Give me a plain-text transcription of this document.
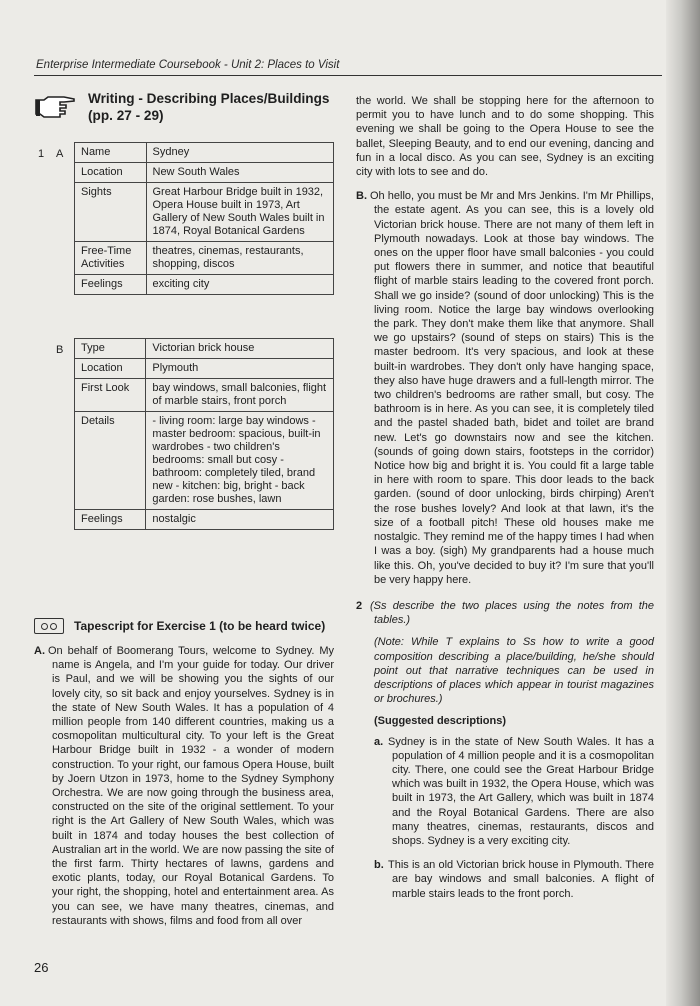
Enterprise Intermediate Coursebook - Unit 2: Places to Visit
Writing - Describing Places/Buildings
(pp. 27 - 29)
1 A Name	Sydney
Location	New South Wales
Sights	Great Harbour Bridge built in 1932, Opera House built in 1973, Art Gallery of New South Wales built in 1874, Royal Botanical Gardens
Free-Time Activities	theatres, cinemas, restaurants, shopping, discos
Feelings	exciting city
B Type	Victorian brick house
Location	Plymouth
First Look	bay windows, small balconies, flight of marble stairs, front porch
Details	- living room: large bay windows - master bedroom: spacious, built-in wardrobes - two children's bedrooms: small but cosy - bathroom: completely tiled, brand new - kitchen: big, bright - back garden: rose bushes, lawn
Feelings	nostalgic
Tapescript for Exercise 1 (to be heard twice)
A. On behalf of Boomerang Tours, welcome to Sydney. My name is Angela, and I'm your guide for today. Our driver is Paul, and we will be showing you the sights of our lovely city, so sit back and enjoy yourselves. Sydney is in the state of New South Wales. It has a population of 4 million people from 140 different countries, making us a cosmopolitan multicultural city. To your left is the Great Harbour Bridge built in 1932 - a wonder of modern construction. To your right, our famous Opera House, built by Joern Utzon in 1973, home to the Sydney Symphony Orchestra. We are now going through the business area, constructed on the site of the original settlement. To your right is the Art Gallery of New South Wales, which was built in 1874 and today houses the best collection of Australian art in the world. We are now passing the site of the first farm. Thirty hectares of lawns, gardens and exotic plants, today, our Royal Botanical Gardens. To your right, the shopping, hotel and entertainment area. As you can see, we have many theatres, cinemas, and restaurants with shows, films and food from all over
26
the world. We shall be stopping here for the afternoon to permit you to have lunch and to do some shopping. This evening we shall be going to the Opera House to see the ballet, Sleeping Beauty, and to end our evening, dancing and fun in a local disco. As you can see, Sydney is an exciting city with lots to see and do.
B. Oh hello, you must be Mr and Mrs Jenkins. I'm Mr Phillips, the estate agent. As you can see, this is a lovely old Victorian brick house. There are not many of them left in Plymouth nowadays. Look at those bay windows. The ones on the upper floor have small balconies - you could put flowers there in summer, and notice that beautiful flight of marble stairs leading to the covered front porch. Shall we go inside? (sound of door unlocking) This is the living room. Notice the large bay windows overlooking the park. They don't make them like that anymore. Shall we go upstairs? (sound of steps on stairs) This is the master bedroom. It's very spacious, and look at these built-in wardrobes. They don't only have hanging space, they also have huge drawers and a full-length mirror. The two children's bedrooms are rather small, but cosy. The bathroom is in here. As you can see, it is completely tiled and the pastel shaded bath, bidet and toilet are brand new. Let's go downstairs now and see the kitchen. (sounds of going down stairs, footsteps in the corridor) Notice how big and bright it is. You could fit a large table in here with room to spare. This door leads to the back garden. (sound of door unlocking, birds chirping) Aren't the rose bushes lovely? And look at that lawn, it's the size of a football pitch! These old houses make me nostalgic. They remind me of the happy times I had when I was a boy. (sigh) My grandparents had a house much like this. Oh, you've decided to buy it? I'm sure that you'll be very happy here.
2 (Ss describe the two places using the notes from the tables.)
(Note: While T explains to Ss how to write a good composition describing a place/building, he/she should point out that narrative techniques can be used in descriptions of places which appear in tourist magazines or brochures.)
(Suggested descriptions)
a. Sydney is in the state of New South Wales. It has a population of 4 million people and it is a cosmopolitan city. There, one could see the Great Harbour Bridge which was built in 1932, the Opera House, which was built in 1973, the Art Gallery, which was built in 1874 and the Royal Botanical Gardens. There are also many theatres, cinemas, restaurants, discos and shops. Sydney is a very exciting city.
b. This is an old Victorian brick house in Plymouth. There are bay windows and small balconies. A flight of marble stairs leads to the front porch.
